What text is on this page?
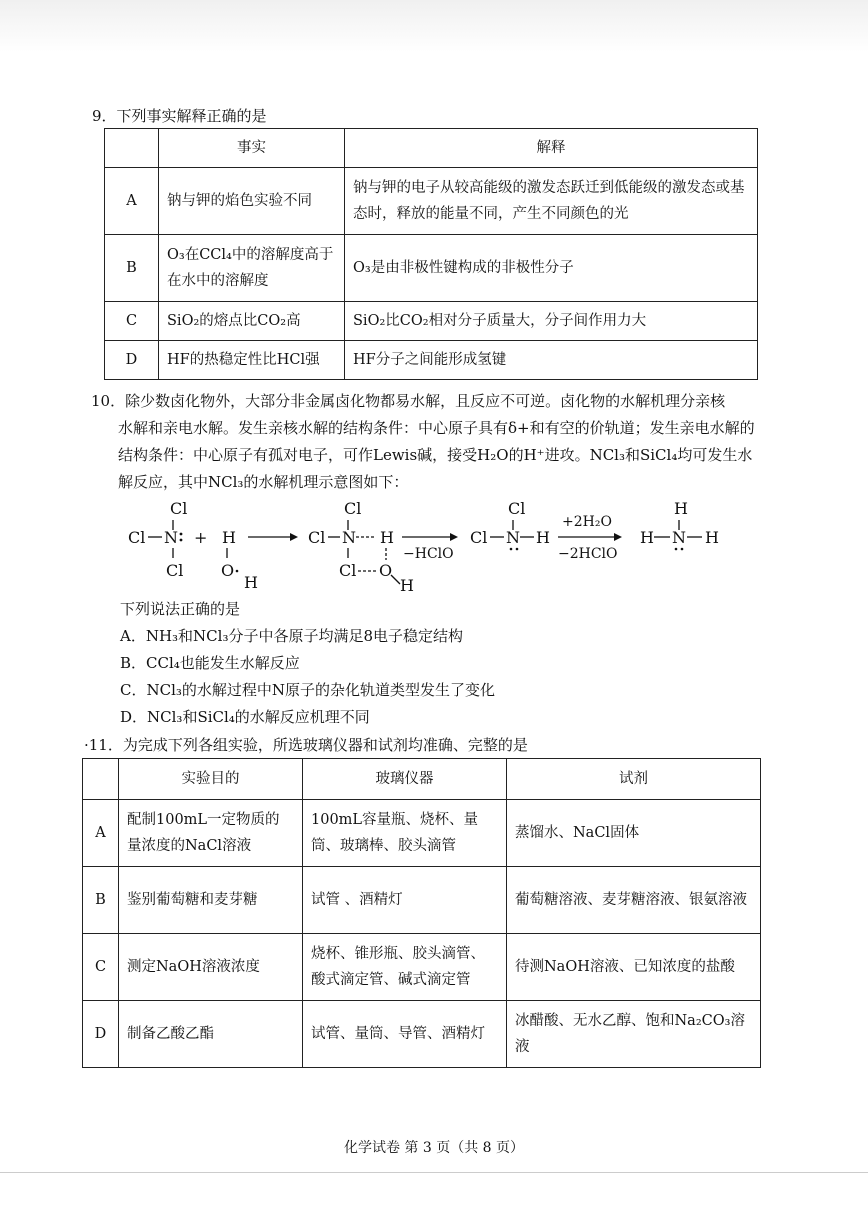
9．下列事实解释正确的是
	事实	解释
A	钠与钾的焰色实验不同	钠与钾的电子从较高能级的激发态跃迁到低能级的激发态或基态时，释放的能量不同，产生不同颜色的光
B	O₃在CCl₄中的溶解度高于在水中的溶解度	O₃是由非极性键构成的非极性分子
C	SiO₂的熔点比CO₂高	SiO₂比CO₂相对分子质量大，分子间作用力大
D	HF的热稳定性比HCl强	HF分子之间能形成氢键
10．除少数卤化物外，大部分非金属卤化物都易水解，且反应不可逆。卤化物的水解机理分亲核
水解和亲电水解。发生亲核水解的结构条件：中心原子具有δ+和有空的价轨道；发生亲电水解的结构条件：中心原子有孤对电子，可作Lewis碱，接受H₂O的H⁺进攻。NCl₃和SiCl₄均可发生水解反应，其中NCl₃的水解机理示意图如下：
Cl
Cl N
Cl
+ H
O
H
Cl
Cl N H
Cl O
H
−HClO
Cl
Cl N H
+2H₂O
−2HClO
H
H N H
下列说法正确的是
A．NH₃和NCl₃分子中各原子均满足8电子稳定结构
B．CCl₄也能发生水解反应
C．NCl₃的水解过程中N原子的杂化轨道类型发生了变化
D．NCl₃和SiCl₄的水解反应机理不同
·11．为完成下列各组实验，所选玻璃仪器和试剂均准确、完整的是
	实验目的	玻璃仪器	试剂
A	配制100mL一定物质的量浓度的NaCl溶液	100mL容量瓶、烧杯、量筒、玻璃棒、胶头滴管	蒸馏水、NaCl固体
B	鉴别葡萄糖和麦芽糖	试管 、酒精灯	葡萄糖溶液、麦芽糖溶液、银氨溶液
C	测定NaOH溶液浓度	烧杯、锥形瓶、胶头滴管、酸式滴定管、碱式滴定管	待测NaOH溶液、已知浓度的盐酸
D	制备乙酸乙酯	试管、量筒、导管、酒精灯	冰醋酸、无水乙醇、饱和Na₂CO₃溶液
化学试卷 第 3 页（共 8 页）
